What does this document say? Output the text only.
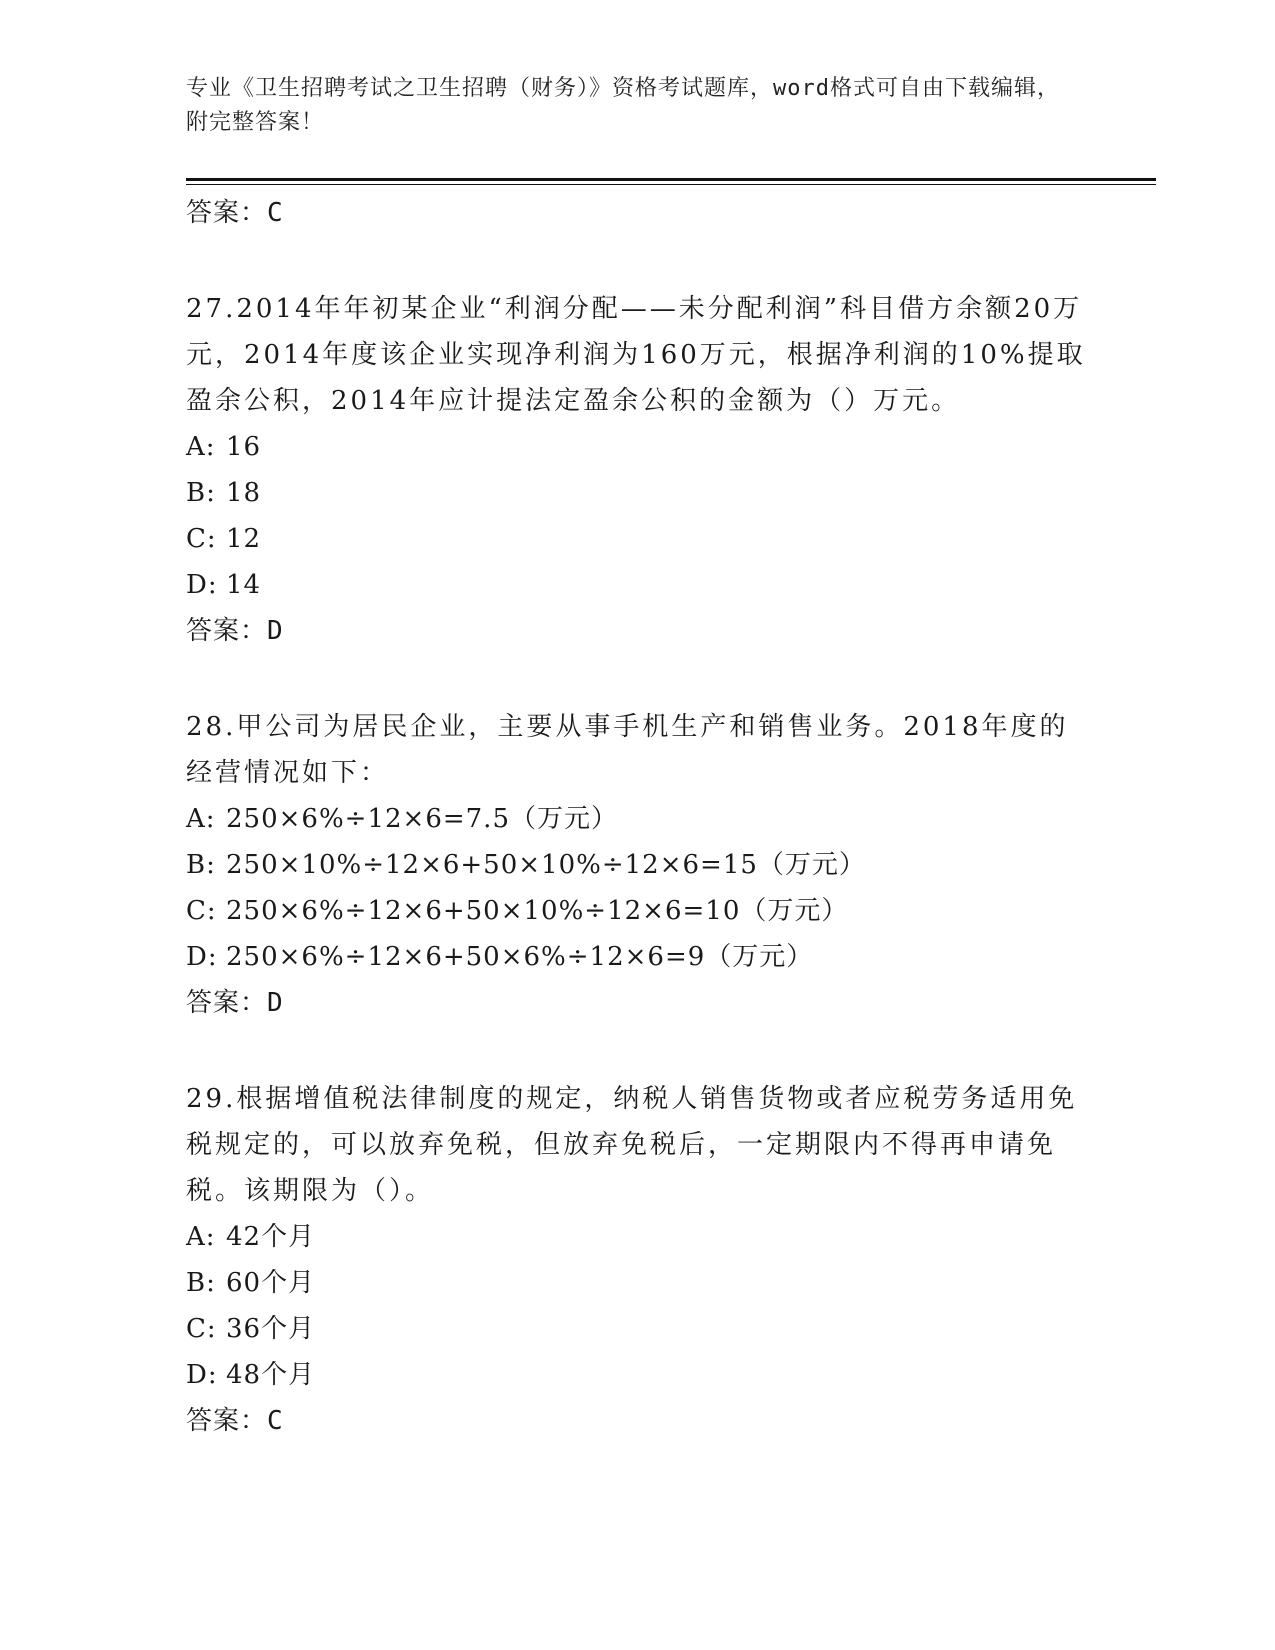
专业《卫生招聘考试之卫生招聘（财务）》资格考试题库，word格式可自由下载编辑，附完整答案！
答案：C
27.2014年年初某企业“利润分配——未分配利润”科目借方余额20万元，2014年度该企业实现净利润为160万元，根据净利润的10%提取盈余公积，2014年应计提法定盈余公积的金额为（）万元。
A: 16
B: 18
C: 12
D: 14
答案：D
28.甲公司为居民企业，主要从事手机生产和销售业务。2018年度的经营情况如下：
A: 250×6%÷12×6=7.5（万元）
B: 250×10%÷12×6+50×10%÷12×6=15（万元）
C: 250×6%÷12×6+50×10%÷12×6=10（万元）
D: 250×6%÷12×6+50×6%÷12×6=9（万元）
答案：D
29.根据增值税法律制度的规定，纳税人销售货物或者应税劳务适用免税规定的，可以放弃免税，但放弃免税后，一定期限内不得再申请免税。该期限为（）。
A: 42个月
B: 60个月
C: 36个月
D: 48个月
答案：C
